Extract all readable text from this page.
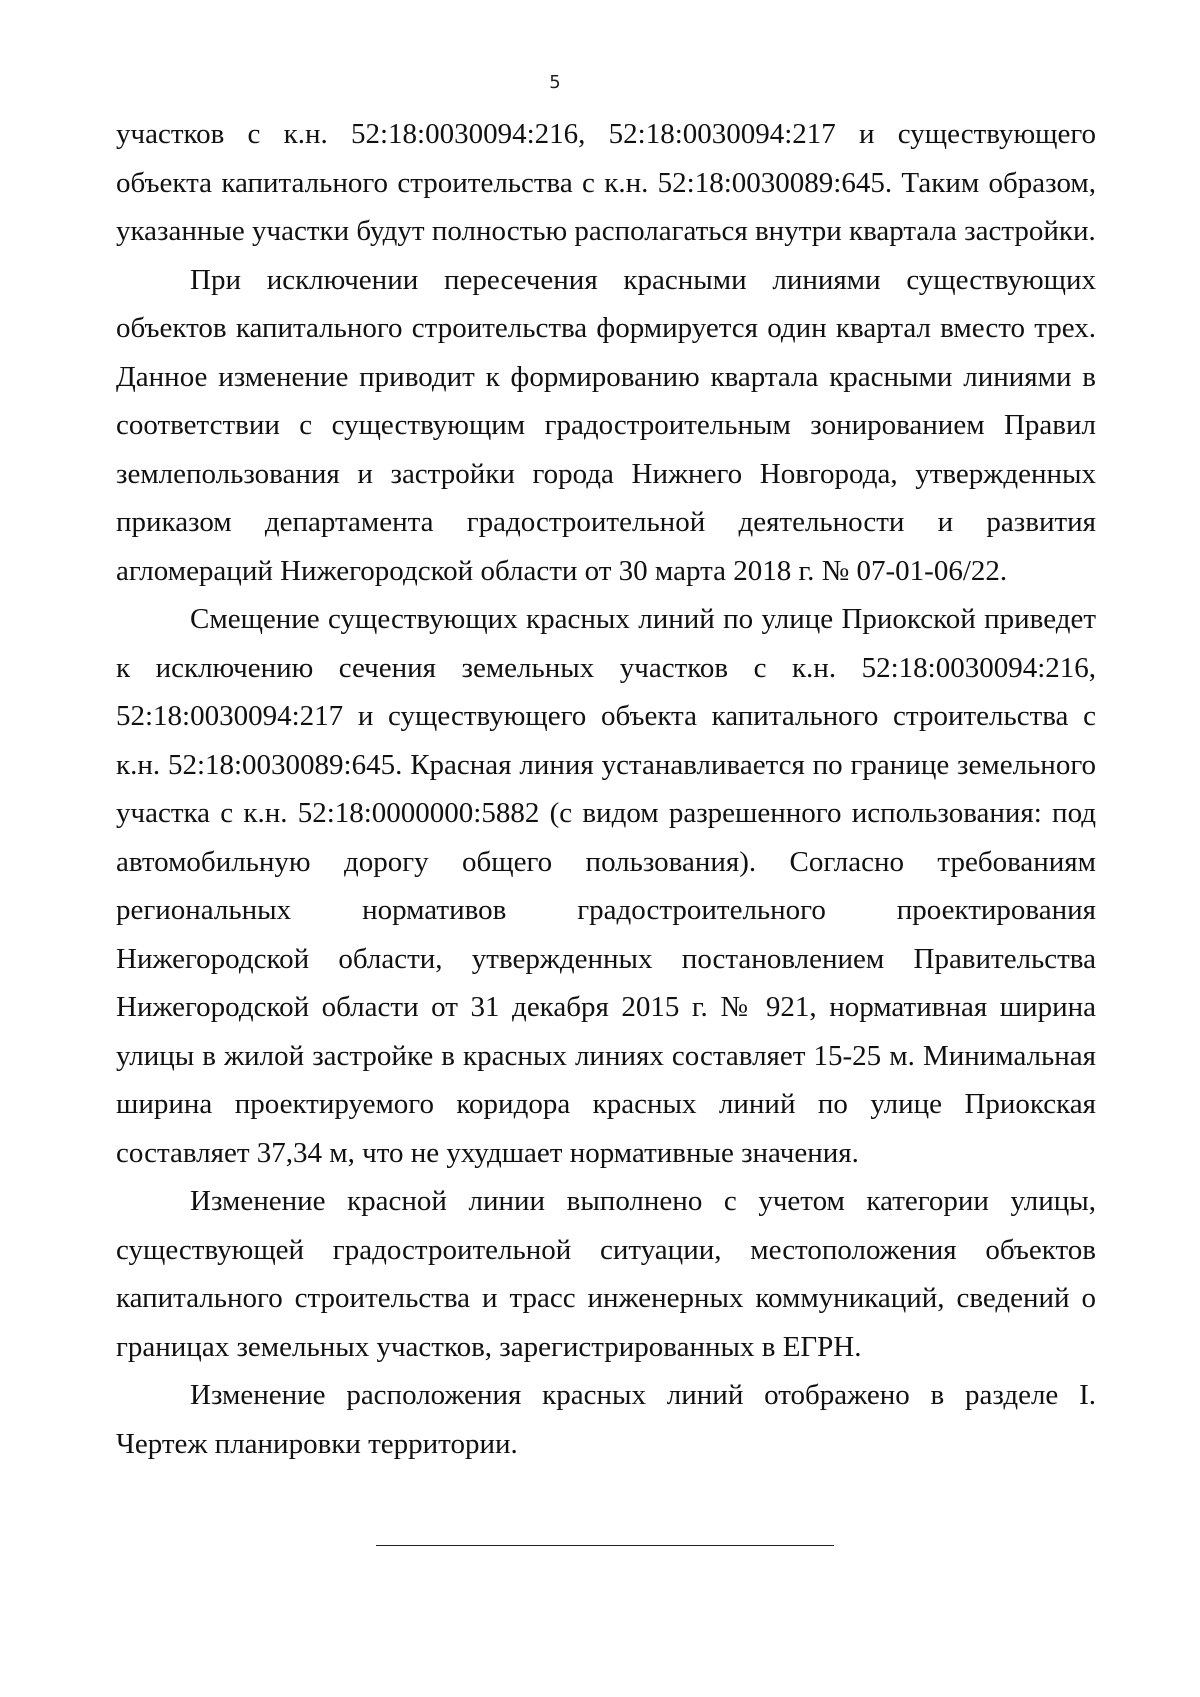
5

участков с к.н. 52:18:0030094:216, 52:18:0030094:217 и существующего объекта капитального строительства с к.н. 52:18:0030089:645. Таким образом, указанные участки будут полностью располагаться внутри квартала застройки.

При исключении пересечения красными линиями существующих объектов капитального строительства формируется один квартал вместо трех. Данное изменение приводит к формированию квартала красными линиями в соответствии с существующим градостроительным зонированием Правил землепользования и застройки города Нижнего Новгорода, утвержденных приказом департамента градостроительной деятельности и развития агломераций Нижегородской области от 30 марта 2018 г. № 07-01-06/22.

Смещение существующих красных линий по улице Приокской приведет к исключению сечения земельных участков с к.н. 52:18:0030094:216, 52:18:0030094:217 и существующего объекта капитального строительства с к.н. 52:18:0030089:645. Красная линия устанавливается по границе земельного участка с к.н. 52:18:0000000:5882 (с видом разрешенного использования: под автомобильную дорогу общего пользования). Согласно требованиям региональных нормативов градостроительного проектирования Нижегородской области, утвержденных постановлением Правительства Нижегородской области от 31 декабря 2015 г. № 921, нормативная ширина улицы в жилой застройке в красных линиях составляет 15-25 м. Минимальная ширина проектируемого коридора красных линий по улице Приокская составляет 37,34 м, что не ухудшает нормативные значения.

Изменение красной линии выполнено с учетом категории улицы, существующей градостроительной ситуации, местоположения объектов капитального строительства и трасс инженерных коммуникаций, сведений о границах земельных участков, зарегистрированных в ЕГРН.

Изменение расположения красных линий отображено в разделе I. Чертеж планировки территории.
